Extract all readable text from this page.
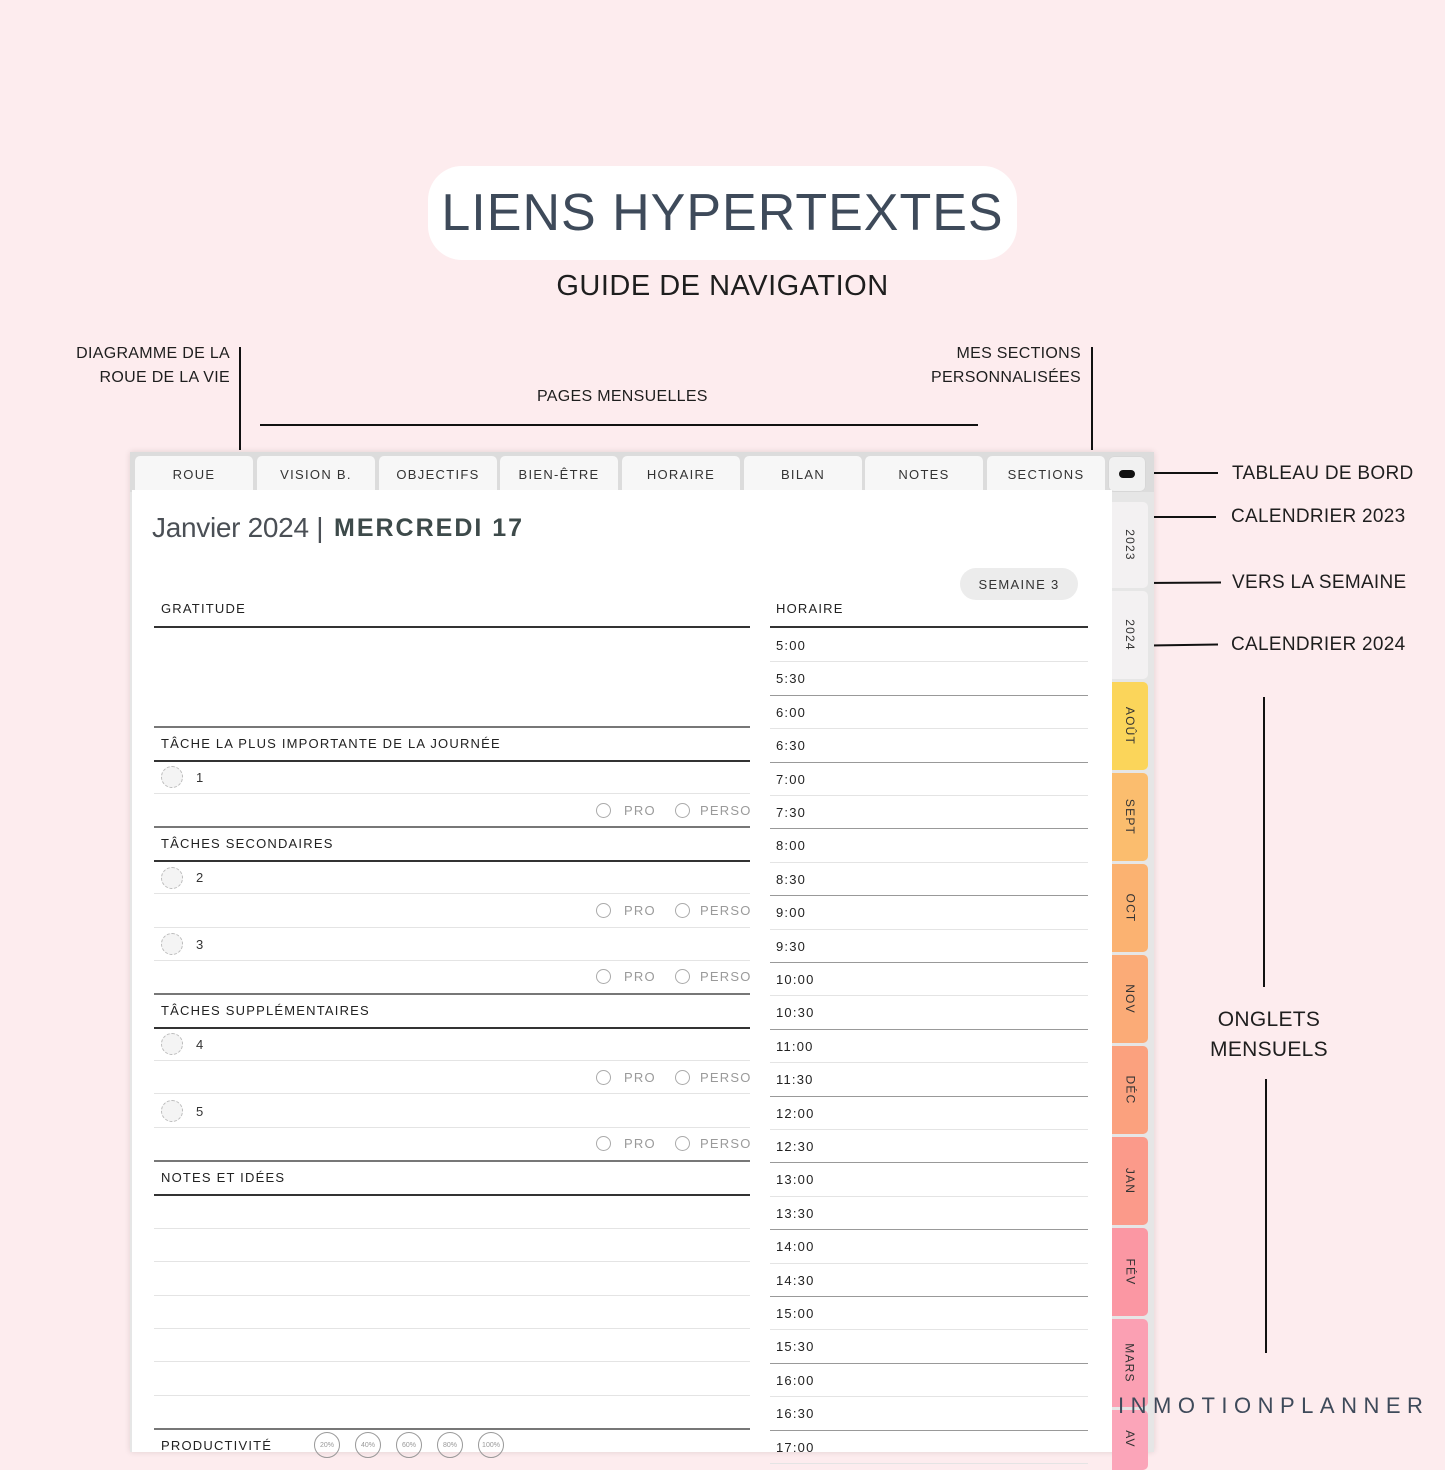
LIENS HYPERTEXTES
GUIDE DE NAVIGATION
DIAGRAMME DE LA
ROUE DE LA VIE
PAGES MENSUELLES
MES SECTIONS
PERSONNALISÉES
TABLEAU DE BORD
CALENDRIER 2023
VERS LA SEMAINE
CALENDRIER 2024
ONGLETS
MENSUELS
ROUE	VISION B.	OBJECTIFS	BIEN-ÊTRE	HORAIRE	BILAN	NOTES	SECTIONS
Janvier 2024 | MERCREDI 17
SEMAINE 3
GRATITUDE
TÂCHE LA PLUS IMPORTANTE DE LA JOURNÉE
1
PRO	PERSO
TÂCHES SECONDAIRES
2
PRO	PERSO
3
PRO	PERSO
TÂCHES SUPPLÉMENTAIRES
4
PRO	PERSO
5
PRO	PERSO
NOTES ET IDÉES
PRODUCTIVITÉ	20%	40%	60%	80%	100%
HORAIRE
5:00
5:30
6:00
6:30
7:00
7:30
8:00
8:30
9:00
9:30
10:00
10:30
11:00
11:30
12:00
12:30
13:00
13:30
14:00
14:30
15:00
15:30
16:00
16:30
17:00
2023
2024
AOÛT
SEPT
OCT
NOV
DÉC
JAN
FÉV
MARS
AV
INMOTIONPLANNER
